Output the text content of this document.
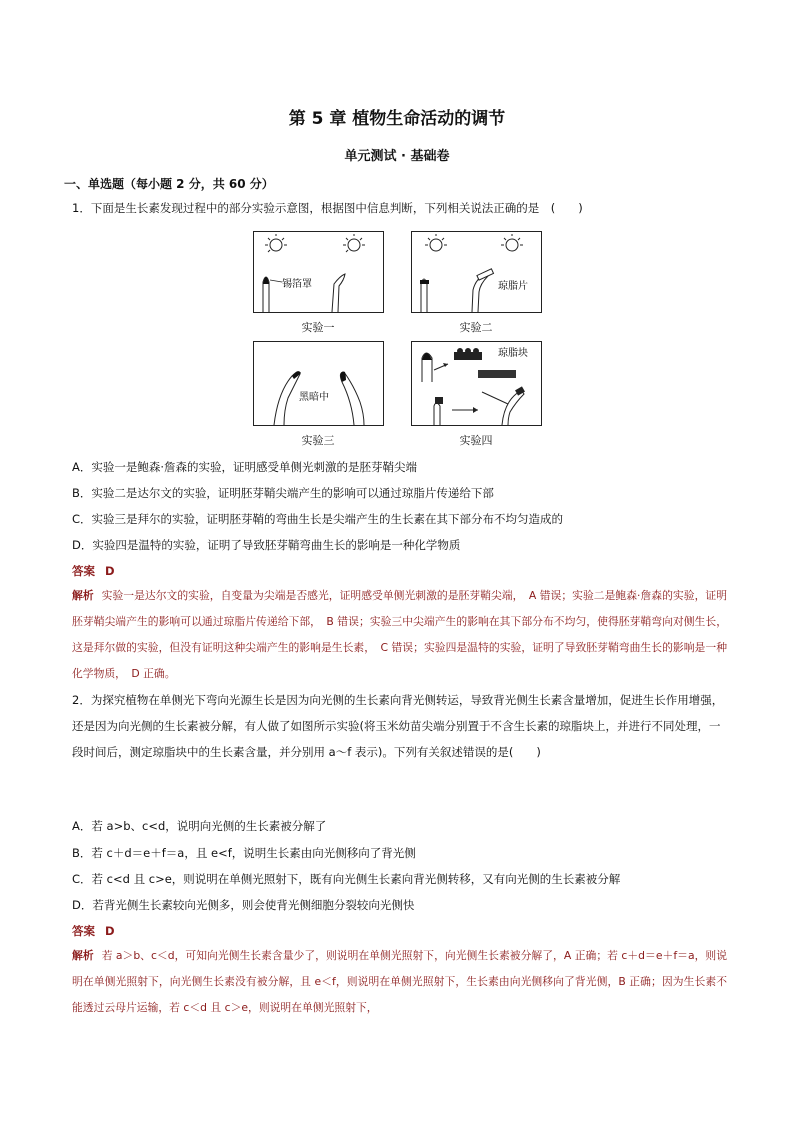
第 5 章 植物生命活动的调节
单元测试 · 基础卷
一、单选题（每小题 2 分，共 60 分）
1．下面是生长素发现过程中的部分实验示意图，根据图中信息判断，下列相关说法正确的是　(　　)
锡箔罩
实验一
琼脂片
实验二
黑暗中
实验三
琼脂块
实验四
A．实验一是鲍森·詹森的实验，证明感受单侧光刺激的是胚芽鞘尖端
B．实验二是达尔文的实验，证明胚芽鞘尖端产生的影响可以通过琼脂片传递给下部
C．实验三是拜尔的实验，证明胚芽鞘的弯曲生长是尖端产生的生长素在其下部分布不均匀造成的
D．实验四是温特的实验，证明了导致胚芽鞘弯曲生长的影响是一种化学物质
答案 D
解析 实验一是达尔文的实验，自变量为尖端是否感光，证明感受单侧光刺激的是胚芽鞘尖端，　A 错误；实验二是鲍森·詹森的实验，证明胚芽鞘尖端产生的影响可以通过琼脂片传递给下部，　B 错误；实验三中尖端产生的影响在其下部分布不均匀，使得胚芽鞘弯向对侧生长，这是拜尔做的实验，但没有证明这种尖端产生的影响是生长素，　C 错误；实验四是温特的实验，证明了导致胚芽鞘弯曲生长的影响是一种化学物质，　D 正确。
2．为探究植物在单侧光下弯向光源生长是因为向光侧的生长素向背光侧转运，导致背光侧生长素含量增加，促进生长作用增强，还是因为向光侧的生长素被分解，有人做了如图所示实验(将玉米幼苗尖端分别置于不含生长素的琼脂块上，并进行不同处理，一段时间后，测定琼脂块中的生长素含量，并分别用 a～f 表示)。下列有关叙述错误的是(　　)
A．若 a>b、c<d，说明向光侧的生长素被分解了
B．若 c＋d＝e＋f＝a，且 e<f，说明生长素由向光侧移向了背光侧
C．若 c<d 且 c>e，则说明在单侧光照射下，既有向光侧生长素向背光侧转移，又有向光侧的生长素被分解
D．若背光侧生长素较向光侧多，则会使背光侧细胞分裂较向光侧快
答案 D
解析 若 a＞b、c＜d，可知向光侧生长素含量少了，则说明在单侧光照射下，向光侧生长素被分解了，A 正确；若 c＋d＝e＋f＝a，则说明在单侧光照射下，向光侧生长素没有被分解，且 e＜f，则说明在单侧光照射下，生长素由向光侧移向了背光侧，B 正确；因为生长素不能透过云母片运输，若 c＜d 且 c＞e，则说明在单侧光照射下，
